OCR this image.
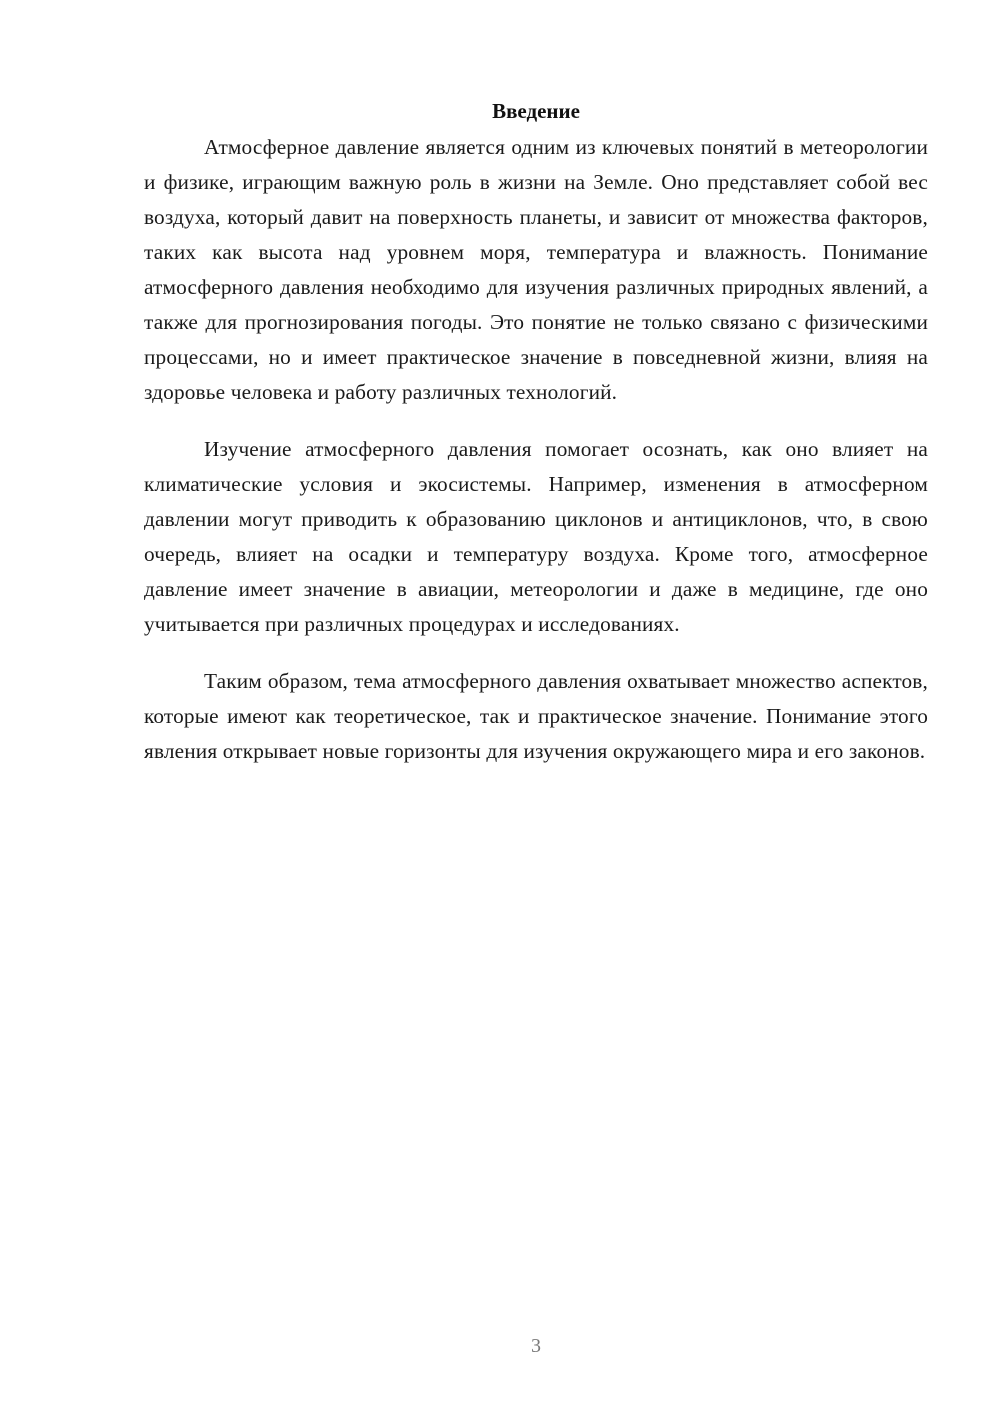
Введение

Атмосферное давление является одним из ключевых понятий в метеорологии и физике, играющим важную роль в жизни на Земле. Оно представляет собой вес воздуха, который давит на поверхность планеты, и зависит от множества факторов, таких как высота над уровнем моря, температура и влажность. Понимание атмосферного давления необходимо для изучения различных природных явлений, а также для прогнозирования погоды. Это понятие не только связано с физическими процессами, но и имеет практическое значение в повседневной жизни, влияя на здоровье человека и работу различных технологий.

Изучение атмосферного давления помогает осознать, как оно влияет на климатические условия и экосистемы. Например, изменения в атмосферном давлении могут приводить к образованию циклонов и антициклонов, что, в свою очередь, влияет на осадки и температуру воздуха. Кроме того, атмосферное давление имеет значение в авиации, метеорологии и даже в медицине, где оно учитывается при различных процедурах и исследованиях.

Таким образом, тема атмосферного давления охватывает множество аспектов, которые имеют как теоретическое, так и практическое значение. Понимание этого явления открывает новые горизонты для изучения окружающего мира и его законов.

3
